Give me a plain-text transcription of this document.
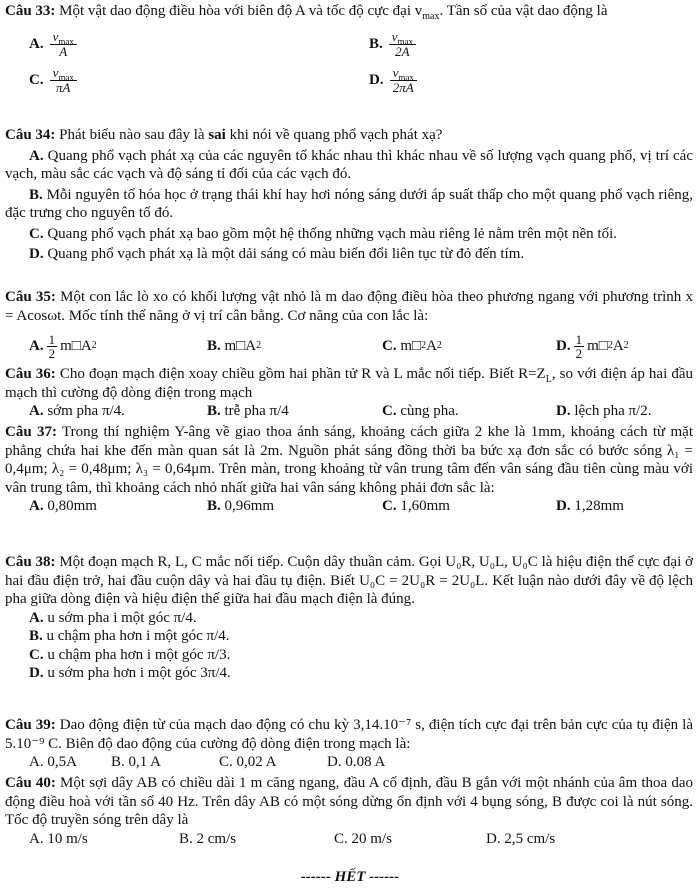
Câu 33: Một vật dao động điều hòa với biên độ A và tốc độ cực đại $v_{max}$. Tần số của vật dao động là

A. $\frac{v_{max}}{A}$	B. $\frac{v_{max}}{2A}$
C. $\frac{v_{max}}{\pi A}$	D. $\frac{v_{max}}{2\pi A}$

Câu 34: Phát biểu nào sau đây là sai khi nói về quang phổ vạch phát xạ?

A. Quang phổ vạch phát xạ của các nguyên tố khác nhau thì khác nhau về số lượng vạch quang phổ, vị trí các vạch, màu sắc các vạch và độ sáng tỉ đối của các vạch đó.

B. Mỗi nguyên tố hóa học ở trạng thái khí hay hơi nóng sáng dưới áp suất thấp cho một quang phổ vạch riêng, đặc trưng cho nguyên tố đó.

C. Quang phổ vạch phát xạ bao gồm một hệ thống những vạch màu riêng lẻ nằm trên một nền tối.

D. Quang phổ vạch phát xạ là một dải sáng có màu biến đổi liên tục từ đỏ đến tím.

Câu 35: Một con lắc lò xo có khối lượng vật nhỏ là m dao động điều hòa theo phương ngang với phương trình x = Acosωt. Mốc tính thế năng ở vị trí cân bằng. Cơ năng của con lắc là:

A. 1
2 m□A 2	B.
m□A 2	C.
m□ 2 A 2	D. 1
2 m□ 2 A 2

Câu 36: Cho đoạn mạch điện xoay chiều gồm hai phần tử R và L mắc nối tiếp. Biết $R=Z_L$, so với điện áp hai đầu mạch thì cường độ dòng điện trong mạch

A. sớm pha π/4.	B. trễ pha π/4	C. cùng pha.	D. lệch pha π/2.

Câu 37: Trong thí nghiệm Y-âng về giao thoa ánh sáng, khoảng cách giữa 2 khe là 1mm, khoảng cách từ mặt phẳng chứa hai khe đến màn quan sát là 2m. Nguồn phát sáng đồng thời ba bức xạ đơn sắc có bước sóng λ₁ = 0,4μm; λ₂ = 0,48μm; λ₃ = 0,64μm. Trên màn, trong khoảng từ vân trung tâm đến vân sáng đầu tiên cùng màu với vân trung tâm, thì khoảng cách nhỏ nhất giữa hai vân sáng không phải đơn sắc là:

A. 0,80mm	B. 0,96mm	C. 1,60mm	D. 1,28mm

Câu 38: Một đoạn mạch R, L, C mắc nối tiếp. Cuộn dây thuần cảm. Gọi U₀R, U₀L, U₀C là hiệu điện thế cực đại ở hai đầu điện trở, hai đầu cuộn dây và hai đầu tụ điện. Biết U₀C = 2U₀R = 2U₀L. Kết luận nào dưới đây về độ lệch pha giữa dòng điện và hiệu điện thế giữa hai đầu mạch điện là đúng.

A. u sớm pha i một góc π/4.

B. u chậm pha hơn i một góc π/4.

C. u chậm pha hơn i một góc π/3.

D. u sớm pha hơn i một góc 3π/4.

Câu 39: Dao động điện từ của mạch dao động có chu kỳ 3,14.10⁻⁷ s, điện tích cực đại trên bản cực của tụ điện là 5.10⁻⁹ C. Biên độ dao động của cường độ dòng điện trong mạch là:

A. 0,5A	B. 0,1 A	C. 0,02 A	D. 0.08 A

Câu 40: Một sợi dây AB có chiều dài 1 m căng ngang, đầu A cố định, đầu B gắn với một nhánh của âm thoa dao động điều hoà với tần số 40 Hz. Trên dây AB có một sóng dừng ổn định với 4 bụng sóng, B được coi là nút sóng. Tốc độ truyền sóng trên dây là

A. 10 m/s	B. 2 cm/s	C. 20 m/s	D. 2,5 cm/s
------ HẾT ------
